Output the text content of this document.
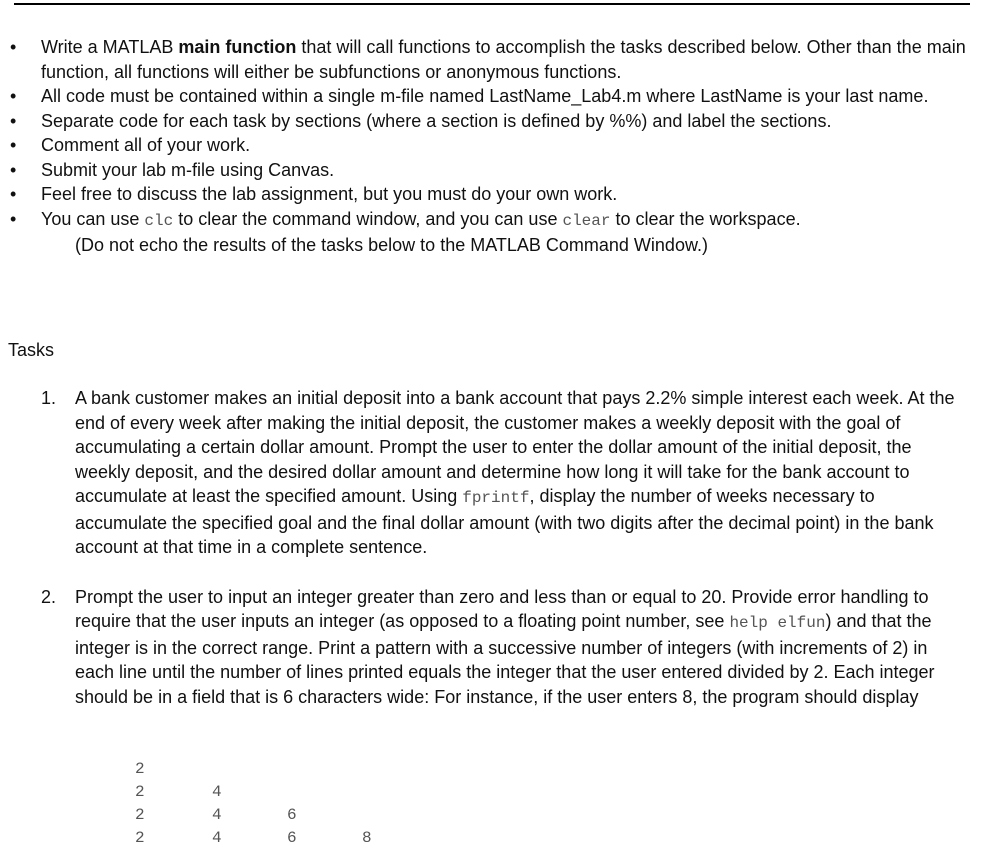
• Write a MATLAB main function that will call functions to accomplish the tasks described below. Other than the main function, all functions will either be subfunctions or anonymous functions.
• All code must be contained within a single m-file named LastName_Lab4.m where LastName is your last name.
• Separate code for each task by sections (where a section is defined by %%) and label the sections.
• Comment all of your work.
• Submit your lab m-file using Canvas.
• Feel free to discuss the lab assignment, but you must do your own work.
• You can use clc to clear the command window, and you can use clear to clear the workspace.
(Do not echo the results of the tasks below to the MATLAB Command Window.)
Tasks
1. A bank customer makes an initial deposit into a bank account that pays 2.2% simple interest each week. At the end of every week after making the initial deposit, the customer makes a weekly deposit with the goal of accumulating a certain dollar amount. Prompt the user to enter the dollar amount of the initial deposit, the weekly deposit, and the desired dollar amount and determine how long it will take for the bank account to accumulate at least the specified amount. Using fprintf, display the number of weeks necessary to accumulate the specified goal and the final dollar amount (with two digits after the decimal point) in the bank account at that time in a complete sentence.
2. Prompt the user to input an integer greater than zero and less than or equal to 20. Provide error handling to require that the user inputs an integer (as opposed to a floating point number, see help elfun) and that the integer is in the correct range. Print a pattern with a successive number of integers (with increments of 2) in each line until the number of lines printed equals the integer that the user entered divided by 2. Each integer should be in a field that is 6 characters wide: For instance, if the user enters 8, the program should display
2
2	4
2	4	6
2	4	6	8
